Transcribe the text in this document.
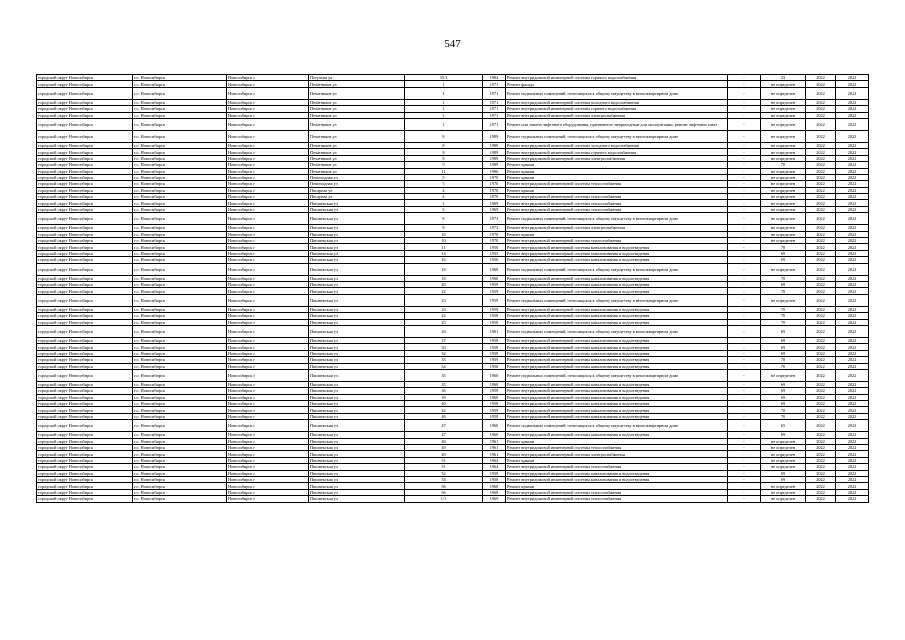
547
городской округ Новосибирск	г.о. Новосибирск	Новосибирск г	Петухова ул	35/1	1982	Ремонт внутридомовой инженерной системы горячего водоснабжения	-	23	2022	2022
городской округ Новосибирск	г.о. Новосибирск	Новосибирск г	Печатников ул	1	1971	Ремонт фасада	-	не определен	2022	2022
городской округ Новосибирск	г.о. Новосибирск	Новосибирск г	Печатников ул	1	1971	Ремонт подвальных помещений, относящихся к общему имуществу в многоквартирном доме	-	не определен	2022	2022
городской округ Новосибирск	г.о. Новосибирск	Новосибирск г	Печатников ул	1	1971	Ремонт внутридомовой инженерной системы холодного водоснабжения	-	не определен	2022	2022
городской округ Новосибирск	г.о. Новосибирск	Новосибирск г	Печатников ул	1	1971	Ремонт внутридомовой инженерной системы горячего водоснабжения	-	не определен	2022	2022
городской округ Новосибирск	г.о. Новосибирск	Новосибирск г	Печатников ул	1	1971	Ремонт внутридомовой инженерной системы электроснабжения	-	не определен	2022	2022
городской округ Новосибирск	г.о. Новосибирск	Новосибирск г	Печатников ул	1	1971	Ремонт или замена лифтового оборудования, признанного непригодным для эксплуатации, ремонт лифтовых шахт	-	не определен	2022	2022
городской округ Новосибирск	г.о. Новосибирск	Новосибирск г	Печатников ул	8	1989	Ремонт подвальных помещений, относящихся к общему имуществу в многоквартирном доме	-	не определен	2022	2022
городской округ Новосибирск	г.о. Новосибирск	Новосибирск г	Печатников ул	8	1989	Ремонт внутридомовой инженерной системы холодного водоснабжения	-	не определен	2022	2022
городской округ Новосибирск	г.о. Новосибирск	Новосибирск г	Печатников ул	8	1989	Ремонт внутридомовой инженерной системы горячего водоснабжения	-	не определен	2022	2022
городской округ Новосибирск	г.о. Новосибирск	Новосибирск г	Печатников ул	8	1989	Ремонт внутридомовой инженерной системы электроснабжения	-	не определен	2022	2022
городской округ Новосибирск	г.о. Новосибирск	Новосибирск г	Печатников ул	9	1989	Ремонт крыши	-	70	2022	2022
городской округ Новосибирск	г.о. Новосибирск	Новосибирск г	Печатников ул	11	1986	Ремонт крыши	-	не определен	2022	2022
городской округ Новосибирск	г.о. Новосибирск	Новосибирск г	Пешеходная ул	5	1970	Ремонт крыши	-	не определен	2022	2022
городской округ Новосибирск	г.о. Новосибирск	Новосибирск г	Пешеходная ул	5	1970	Ремонт внутридомовой инженерной системы теплоснабжения	-	не определен	2022	2022
городской округ Новосибирск	г.о. Новосибирск	Новосибирск г	Писарева ул	4	1970	Ремонт крыши	-	не определен	2022	2022
городской округ Новосибирск	г.о. Новосибирск	Новосибирск г	Писарева ул	4	1970	Ремонт внутридомовой инженерной системы теплоснабжения	-	не определен	2022	2022
городской округ Новосибирск	г.о. Новосибирск	Новосибирск г	Пишпекская ул	1	1969	Ремонт внутридомовой инженерной системы теплоснабжения	-	не определен	2022	2022
городской округ Новосибирск	г.о. Новосибирск	Новосибирск г	Пишпекская ул	3	1969	Ремонт внутридомовой инженерной системы теплоснабжения	-	не определен	2022	2022
городской округ Новосибирск	г.о. Новосибирск	Новосибирск г	Пишпекская ул	8	1973	Ремонт подвальных помещений, относящихся к общему имуществу в многоквартирном доме	-	не определен	2022	2022
городской округ Новосибирск	г.о. Новосибирск	Новосибирск г	Пишпекская ул	8	1973	Ремонт внутридомовой инженерной системы электроснабжения	-	не определен	2022	2022
городской округ Новосибирск	г.о. Новосибирск	Новосибирск г	Пишпекская ул	10	1970	Ремонт крыши	-	не определен	2022	2022
городской округ Новосибирск	г.о. Новосибирск	Новосибирск г	Пишпекская ул	10	1970	Ремонт внутридомовой инженерной системы теплоснабжения	-	не определен	2022	2022
городской округ Новосибирск	г.о. Новосибирск	Новосибирск г	Пишпекская ул	11	1956	Ремонт внутридомовой инженерной системы канализования и водоотведения	-	70	2022	2022
городской округ Новосибирск	г.о. Новосибирск	Новосибирск г	Пишпекская ул	14	1955	Ремонт внутридомовой инженерной системы канализования и водоотведения	-	69	2022	2022
городской округ Новосибирск	г.о. Новосибирск	Новосибирск г	Пишпекская ул	16	1956	Ремонт внутридомовой инженерной системы канализования и водоотведения	-	69	2022	2022
городской округ Новосибирск	г.о. Новосибирск	Новосибирск г	Пишпекская ул	18	1960	Ремонт подвальных помещений, относящихся к общему имуществу в многоквартирном доме	-	не определен	2022	2022
городской округ Новосибирск	г.о. Новосибирск	Новосибирск г	Пишпекская ул	18	1960	Ремонт внутридомовой инженерной системы канализования и водоотведения	-	70	2022	2022
городской округ Новосибирск	г.о. Новосибирск	Новосибирск г	Пишпекская ул	20	1959	Ремонт внутридомовой инженерной системы канализования и водоотведения	-	69	2022	2022
городской округ Новосибирск	г.о. Новосибирск	Новосибирск г	Пишпекская ул	22	1959	Ремонт внутридомовой инженерной системы канализования и водоотведения	-	70	2022	2022
городской округ Новосибирск	г.о. Новосибирск	Новосибирск г	Пишпекская ул	23	1959	Ремонт подвальных помещений, относящихся к общему имуществу в многоквартирном доме	-	не определен	2022	2022
городской округ Новосибирск	г.о. Новосибирск	Новосибирск г	Пишпекская ул	23	1959	Ремонт внутридомовой инженерной системы канализования и водоотведения	-	70	2022	2022
городской округ Новосибирск	г.о. Новосибирск	Новосибирск г	Пишпекская ул	24	1958	Ремонт внутридомовой инженерной системы канализования и водоотведения	-	70	2022	2022
городской округ Новосибирск	г.о. Новосибирск	Новосибирск г	Пишпекская ул	25	1958	Ремонт внутридомовой инженерной системы канализования и водоотведения	-	70	2022	2022
городской округ Новосибирск	г.о. Новосибирск	Новосибирск г	Пишпекская ул	26	1961	Ремонт подвальных помещений, относящихся к общему имуществу в многоквартирном доме	-	69	2022	2022
городской округ Новосибирск	г.о. Новосибирск	Новосибирск г	Пишпекская ул	27	1958	Ремонт внутридомовой инженерной системы канализования и водоотведения	-	69	2022	2022
городской округ Новосибирск	г.о. Новосибирск	Новосибирск г	Пишпекская ул	30	1958	Ремонт внутридомовой инженерной системы канализования и водоотведения	-	69	2022	2022
городской округ Новосибирск	г.о. Новосибирск	Новосибирск г	Пишпекская ул	32	1958	Ремонт внутридомовой инженерной системы канализования и водоотведения	-	69	2022	2022
городской округ Новосибирск	г.о. Новосибирск	Новосибирск г	Пишпекская ул	33	1959	Ремонт внутридомовой инженерной системы канализования и водоотведения	-	70	2022	2022
городской округ Новосибирск	г.о. Новосибирск	Новосибирск г	Пишпекская ул	34	1958	Ремонт внутридомовой инженерной системы канализования и водоотведения	-	70	2022	2022
городской округ Новосибирск	г.о. Новосибирск	Новосибирск г	Пишпекская ул	35	1960	Ремонт подвальных помещений, относящихся к общему имуществу в многоквартирном доме	-	не определен	2022	2022
городской округ Новосибирск	г.о. Новосибирск	Новосибирск г	Пишпекская ул	35	1960	Ремонт внутридомовой инженерной системы канализования и водоотведения	-	69	2022	2022
городской округ Новосибирск	г.о. Новосибирск	Новосибирск г	Пишпекская ул	36	1958	Ремонт внутридомовой инженерной системы канализования и водоотведения	-	69	2022	2022
городской округ Новосибирск	г.о. Новосибирск	Новосибирск г	Пишпекская ул	39	1960	Ремонт внутридомовой инженерной системы канализования и водоотведения	-	69	2022	2022
городской округ Новосибирск	г.о. Новосибирск	Новосибирск г	Пишпекская ул	40	1958	Ремонт внутридомовой инженерной системы канализования и водоотведения	-	69	2022	2022
городской округ Новосибирск	г.о. Новосибирск	Новосибирск г	Пишпекская ул	42	1959	Ремонт внутридомовой инженерной системы канализования и водоотведения	-	70	2022	2022
городской округ Новосибирск	г.о. Новосибирск	Новосибирск г	Пишпекская ул	46	1958	Ремонт внутридомовой инженерной системы канализования и водоотведения	-	70	2022	2022
городской округ Новосибирск	г.о. Новосибирск	Новосибирск г	Пишпекская ул	47	1960	Ремонт подвальных помещений, относящихся к общему имуществу в многоквартирном доме	-	65	2022	2022
городской округ Новосибирск	г.о. Новосибирск	Новосибирск г	Пишпекская ул	47	1960	Ремонт внутридомовой инженерной системы канализования и водоотведения	-	69	2022	2022
городской округ Новосибирск	г.о. Новосибирск	Новосибирск г	Пишпекская ул	49	1961	Ремонт крыши	-	не определен	2022	2022
городской округ Новосибирск	г.о. Новосибирск	Новосибирск г	Пишпекская ул	49	1961	Ремонт внутридомовой инженерной системы теплоснабжения	-	не определен	2022	2022
городской округ Новосибирск	г.о. Новосибирск	Новосибирск г	Пишпекская ул	49	1961	Ремонт внутридомовой инженерной системы электроснабжения	-	не определен	2022	2022
городской округ Новосибирск	г.о. Новосибирск	Новосибирск г	Пишпекская ул	51	1964	Ремонт крыши	-	не определен	2022	2022
городской округ Новосибирск	г.о. Новосибирск	Новосибирск г	Пишпекская ул	51	1964	Ремонт внутридомовой инженерной системы теплоснабжения	-	не определен	2022	2022
городской округ Новосибирск	г.о. Новосибирск	Новосибирск г	Пишпекская ул	52	1958	Ремонт внутридомовой инженерной системы канализования и водоотведения	-	69	2022	2022
городской округ Новосибирск	г.о. Новосибирск	Новосибирск г	Пишпекская ул	54	1958	Ремонт внутридомовой инженерной системы канализования и водоотведения	-	69	2022	2022
городской округ Новосибирск	г.о. Новосибирск	Новосибирск г	Пишпекская ул	56	1968	Ремонт крыши	-	не определен	2022	2022
городской округ Новосибирск	г.о. Новосибирск	Новосибирск г	Пишпекская ул	56	1968	Ремонт внутридомовой инженерной системы теплоснабжения	-	не определен	2022	2022
городской округ Новосибирск	г.о. Новосибирск	Новосибирск г	Пишпекская ул	1/1	1969	Ремонт внутридомовой инженерной системы теплоснабжения	-	не определен	2022	2022
